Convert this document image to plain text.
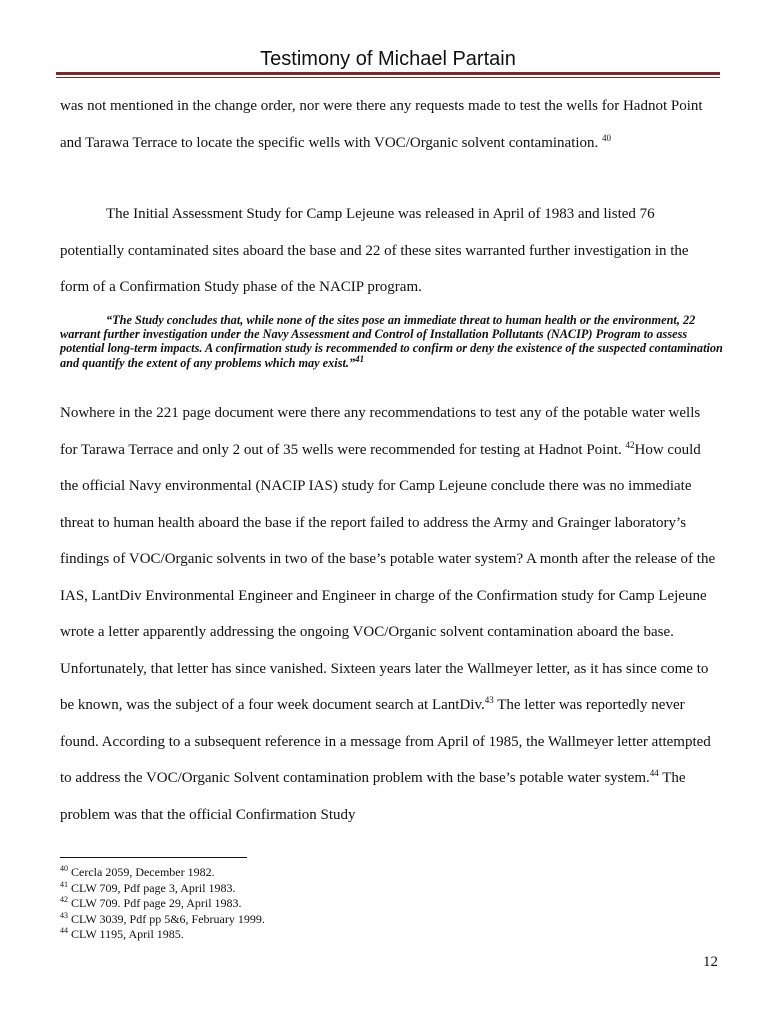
Testimony of Michael Partain
was not mentioned in the change order, nor were there any requests made to test the wells for Hadnot Point and Tarawa Terrace to locate the specific wells with VOC/Organic solvent contamination. $^{40}$
The Initial Assessment Study for Camp Lejeune was released in April of 1983 and listed 76 potentially contaminated sites aboard the base and 22 of these sites warranted further investigation in the form of a Confirmation Study phase of the NACIP program.
“The Study concludes that, while none of the sites pose an immediate threat to human health or the environment, 22 warrant further investigation under the Navy Assessment and Control of Installation Pollutants (NACIP) Program to assess potential long-term impacts. A confirmation study is recommended to confirm or deny the existence of the suspected contamination and quantify the extent of any problems which may exist.”$^{41}$
Nowhere in the 221 page document were there any recommendations to test any of the potable water wells for Tarawa Terrace and only 2 out of 35 wells were recommended for testing at Hadnot Point. $^{42}$How could the official Navy environmental (NACIP IAS) study for Camp Lejeune conclude there was no immediate threat to human health aboard the base if the report failed to address the Army and Grainger laboratory’s findings of VOC/Organic solvents in two of the base’s potable water system? A month after the release of the IAS, LantDiv Environmental Engineer and Engineer in charge of the Confirmation study for Camp Lejeune wrote a letter apparently addressing the ongoing VOC/Organic solvent contamination aboard the base. Unfortunately, that letter has since vanished. Sixteen years later the Wallmeyer letter, as it has since come to be known, was the subject of a four week document search at LantDiv.$^{43}$ The letter was reportedly never found. According to a subsequent reference in a message from April of 1985, the Wallmeyer letter attempted to address the VOC/Organic Solvent contamination problem with the base’s potable water system.$^{44}$ The problem was that the official Confirmation Study
$^{40}$ Cercla 2059, December 1982.
$^{41}$ CLW 709, Pdf page 3, April 1983.
$^{42}$ CLW 709. Pdf page 29, April 1983.
$^{43}$ CLW 3039, Pdf pp 5&6, February 1999.
$^{44}$ CLW 1195, April 1985.
12
